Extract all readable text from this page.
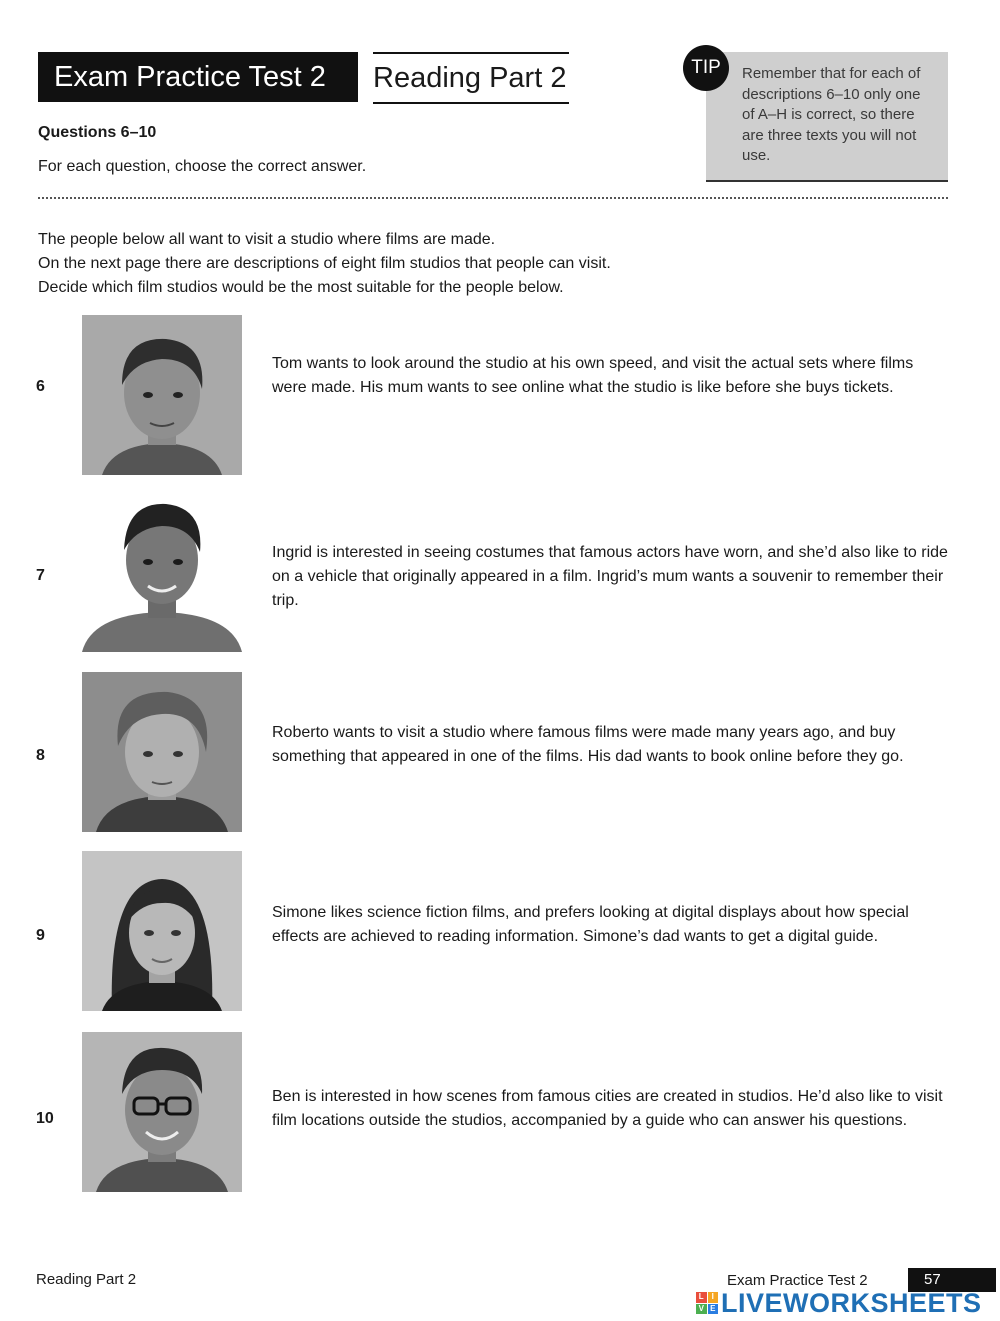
Exam Practice Test 2	Reading Part 2	Remember that for each of descriptions 6–10 only one of A–H is correct, so there are three texts you will not use.
TIP
Questions 6–10
For each question, choose the correct answer.
The people below all want to visit a studio where films are made.
On the next page there are descriptions of eight film studios that people can visit.
Decide which film studios would be the most suitable for the people below.
6
Tom wants to look around the studio at his own speed, and visit the actual sets where films were made. His mum wants to see online what the studio is like before she buys tickets.
7
Ingrid is interested in seeing costumes that famous actors have worn, and she’d also like to ride on a vehicle that originally appeared in a film. Ingrid’s mum wants a souvenir to remember their trip.
8
Roberto wants to visit a studio where famous films were made many years ago, and buy something that appeared in one of the films. His dad wants to book online before they go.
9
Simone likes science fiction films, and prefers looking at digital displays about how special effects are achieved to reading information. Simone’s dad wants to get a digital guide.
10
Ben is interested in how scenes from famous cities are created in studios. He’d also like to visit film locations outside the studios, accompanied by a guide who can answer his questions.
Reading Part 2	Exam Practice Test 2	57
L I
V E LIVEWORKSHEETS
